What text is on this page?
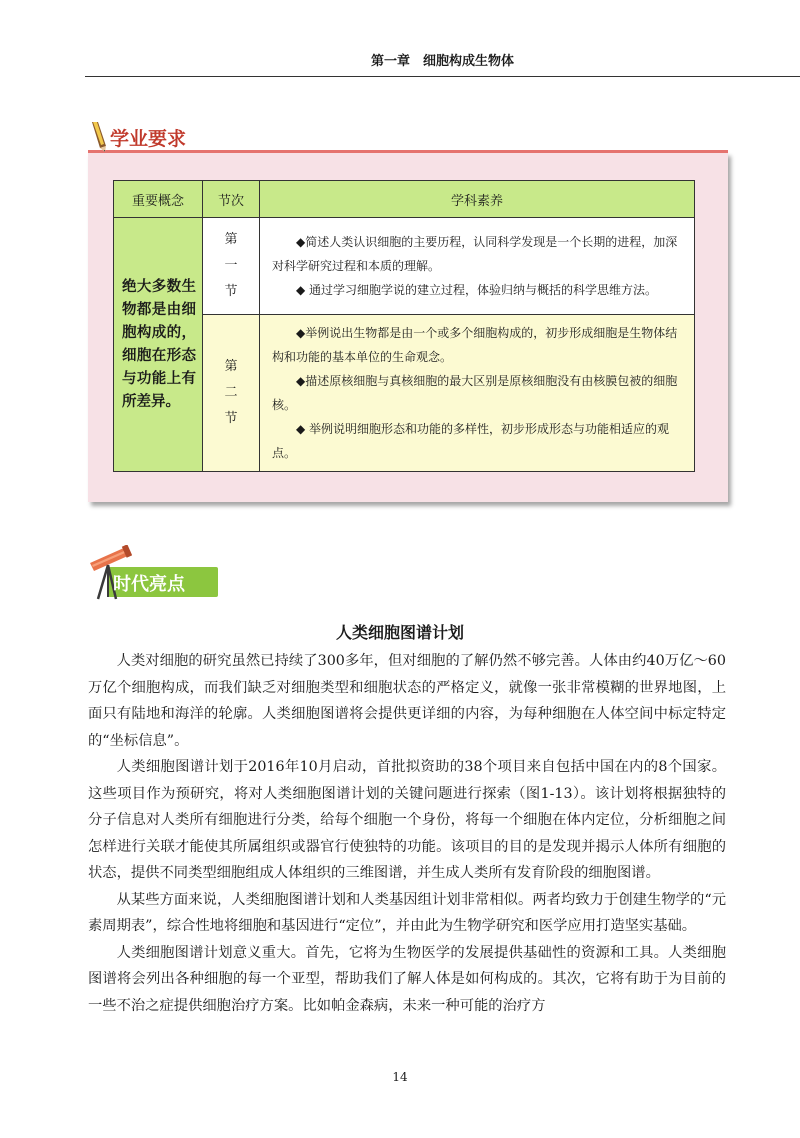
第一章　细胞构成生物体
学业要求
重要概念	节次	学科素养
绝大多数生物都是由细胞构成的，细胞在形态与功能上有所差异。	第一节	◆简述人类认识细胞的主要历程，认同科学发现是一个长期的进程，加深对科学研究过程和本质的理解。

◆ 通过学习细胞学说的建立过程，体验归纳与概括的科学思维方法。

	第二节	◆举例说出生物都是由一个或多个细胞构成的，初步形成细胞是生物体结构和功能的基本单位的生命观念。

◆描述原核细胞与真核细胞的最大区别是原核细胞没有由核膜包被的细胞核。

◆ 举例说明细胞形态和功能的多样性，初步形成形态与功能相适应的观点。

时代亮点
人类细胞图谱计划

人类对细胞的研究虽然已持续了300多年，但对细胞的了解仍然不够完善。人体由约40万亿～60万亿个细胞构成，而我们缺乏对细胞类型和细胞状态的严格定义，就像一张非常模糊的世界地图，上面只有陆地和海洋的轮廓。人类细胞图谱将会提供更详细的内容，为每种细胞在人体空间中标定特定的“坐标信息”。

人类细胞图谱计划于2016年10月启动，首批拟资助的38个项目来自包括中国在内的8个国家。这些项目作为预研究，将对人类细胞图谱计划的关键问题进行探索（图1-13）。该计划将根据独特的分子信息对人类所有细胞进行分类，给每个细胞一个身份，将每一个细胞在体内定位，分析细胞之间怎样进行关联才能使其所属组织或器官行使独特的功能。该项目的目的是发现并揭示人体所有细胞的状态，提供不同类型细胞组成人体组织的三维图谱，并生成人类所有发育阶段的细胞图谱。

从某些方面来说，人类细胞图谱计划和人类基因组计划非常相似。两者均致力于创建生物学的“元素周期表”，综合性地将细胞和基因进行“定位”，并由此为生物学研究和医学应用打造坚实基础。

人类细胞图谱计划意义重大。首先，它将为生物医学的发展提供基础性的资源和工具。人类细胞图谱将会列出各种细胞的每一个亚型，帮助我们了解人体是如何构成的。其次，它将有助于为目前的一些不治之症提供细胞治疗方案。比如帕金森病，未来一种可能的治疗方

14
